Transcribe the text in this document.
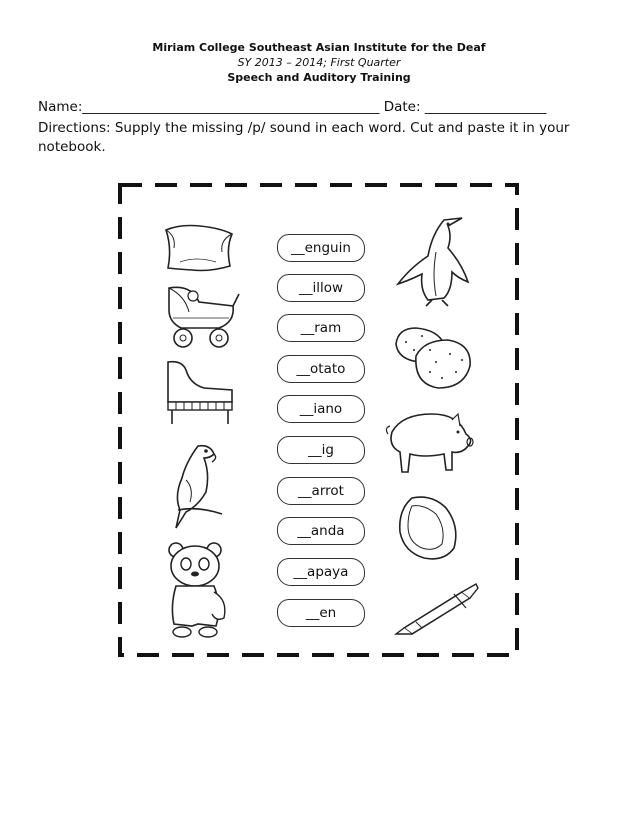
Miriam College Southeast Asian Institute for the Deaf
SY 2013 – 2014; First Quarter
Speech and Auditory Training
Name:____________________________________________ Date: __________________
Directions: Supply the missing /p/ sound in each word. Cut and paste it in your notebook.
__enguin
__illow
__ram
__otato
__iano
__ig
__arrot
__anda
__apaya
__en
